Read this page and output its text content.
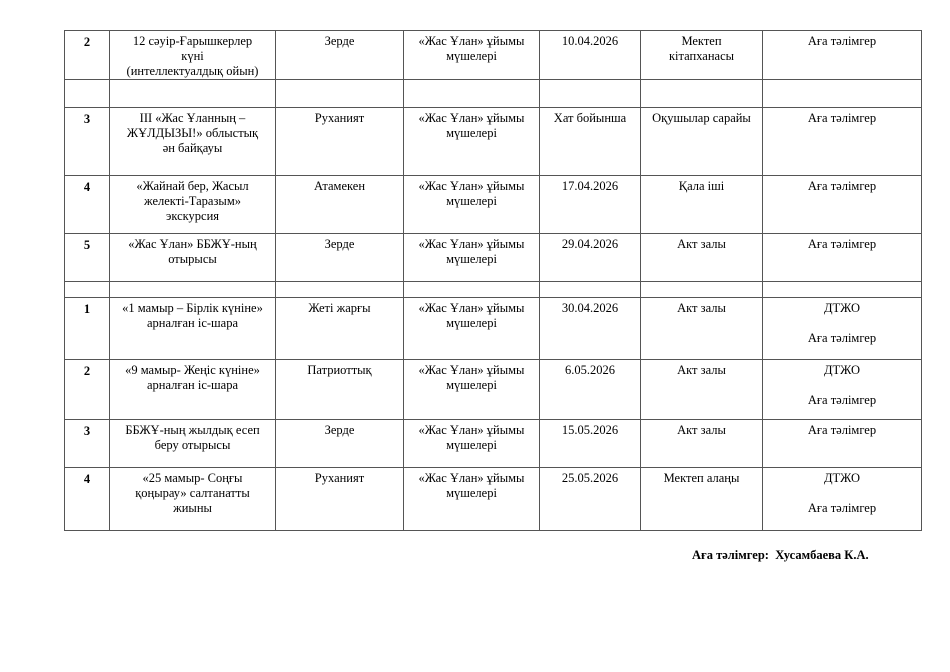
2	12 сәуір-Ғарышкерлер
күні
(интеллектуалдық ойын)	Зерде	«Жас Ұлан» ұйымы
мүшелері	10.04.2026	Мектеп
кітапханасы	Аға тәлімгер

3	ІІІ «Жас Ұланның –
ЖҰЛДЫЗЫ!» облыстық
ән байқауы	Руханият	«Жас Ұлан» ұйымы
мүшелері	Хат бойынша	Оқушылар сарайы	Аға тәлімгер

4	«Жайнай бер, Жасыл
желекті-Таразым»
экскурсия	Атамекен	«Жас Ұлан» ұйымы
мүшелері	17.04.2026	Қала іші	Аға тәлімгер

5	«Жас Ұлан» ББЖҰ-ның
отырысы	Зерде	«Жас Ұлан» ұйымы
мүшелері	29.04.2026	Акт залы	Аға тәлімгер

1	«1 мамыр – Бірлік күніне»
арналған іс-шара	Жеті жарғы	«Жас Ұлан» ұйымы
мүшелері	30.04.2026	Акт залы	ДТЖО
Аға тәлімгер

2	«9 мамыр- Жеңіс күніне»
арналған іс-шара	Патриоттық	«Жас Ұлан» ұйымы
мүшелері	6.05.2026	Акт залы	ДТЖО
Аға тәлімгер

3	ББЖҰ-ның жылдық есеп
беру отырысы	Зерде	«Жас Ұлан» ұйымы
мүшелері	15.05.2026	Акт залы	Аға тәлімгер

4	«25 мамыр- Соңғы
қоңырау» салтанатты
жиыны	Руханият	«Жас Ұлан» ұйымы
мүшелері	25.05.2026	Мектеп алаңы	ДТЖО
Аға тәлімгер
Аға тәлімгер: Хусамбаева К.А.
